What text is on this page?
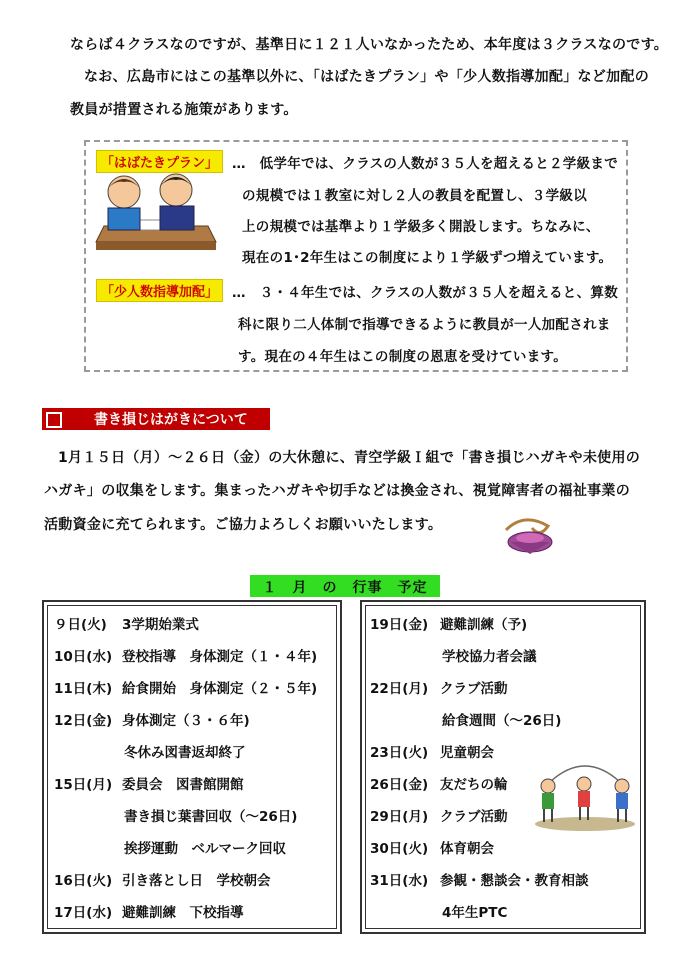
ならば４クラスなのですが、基準日に１２１人いなかったため、本年度は３クラスなのです。
なお、広島市にはこの基準以外に、「はばたきプラン」や「少人数指導加配」など加配の
教員が措置される施策があります。
「はばたきプラン」	…　低学年では、クラスの人数が３５人を超えると２学級まで
の規模では１教室に対し２人の教員を配置し、３学級以
上の規模では基準より１学級多く開設します。ちなみに、
現在の1･2年生はこの制度により１学級ずつ増えています。
「少人数指導加配」	…　３・４年生では、クラスの人数が３５人を超えると、算数
科に限り二人体制で指導できるように教員が一人加配されま
す。現在の４年生はこの制度の恩恵を受けています。
書き損じはがきについて
1月１５日（月）～２６日（金）の大休憩に、青空学級Ｉ組で「書き損じハガキや未使用の
ハガキ」の収集をします。集まったハガキや切手などは換金され、視覚障害者の福祉事業の
活動資金に充てられます。ご協力よろしくお願いいたします。
１　月　の　行事　予定
９日(火) 3学期始業式
10日(水) 登校指導　身体測定（１・４年)
11日(木) 給食開始　身体測定（２・５年)
12日(金) 身体測定（３・６年)
冬休み図書返却終了
15日(月) 委員会　図書館開館
書き損じ葉書回収（～26日)
挨拶運動　ベルマーク回収
16日(火) 引き落とし日　学校朝会
17日(水) 避難訓練　下校指導
19日(金) 避難訓練（予)
学校協力者会議
22日(月) クラブ活動
給食週間（～26日)
23日(火) 児童朝会
26日(金) 友だちの輪
29日(月) クラブ活動
30日(火) 体育朝会
31日(水) 参観・懇談会・教育相談
4年生PTC
